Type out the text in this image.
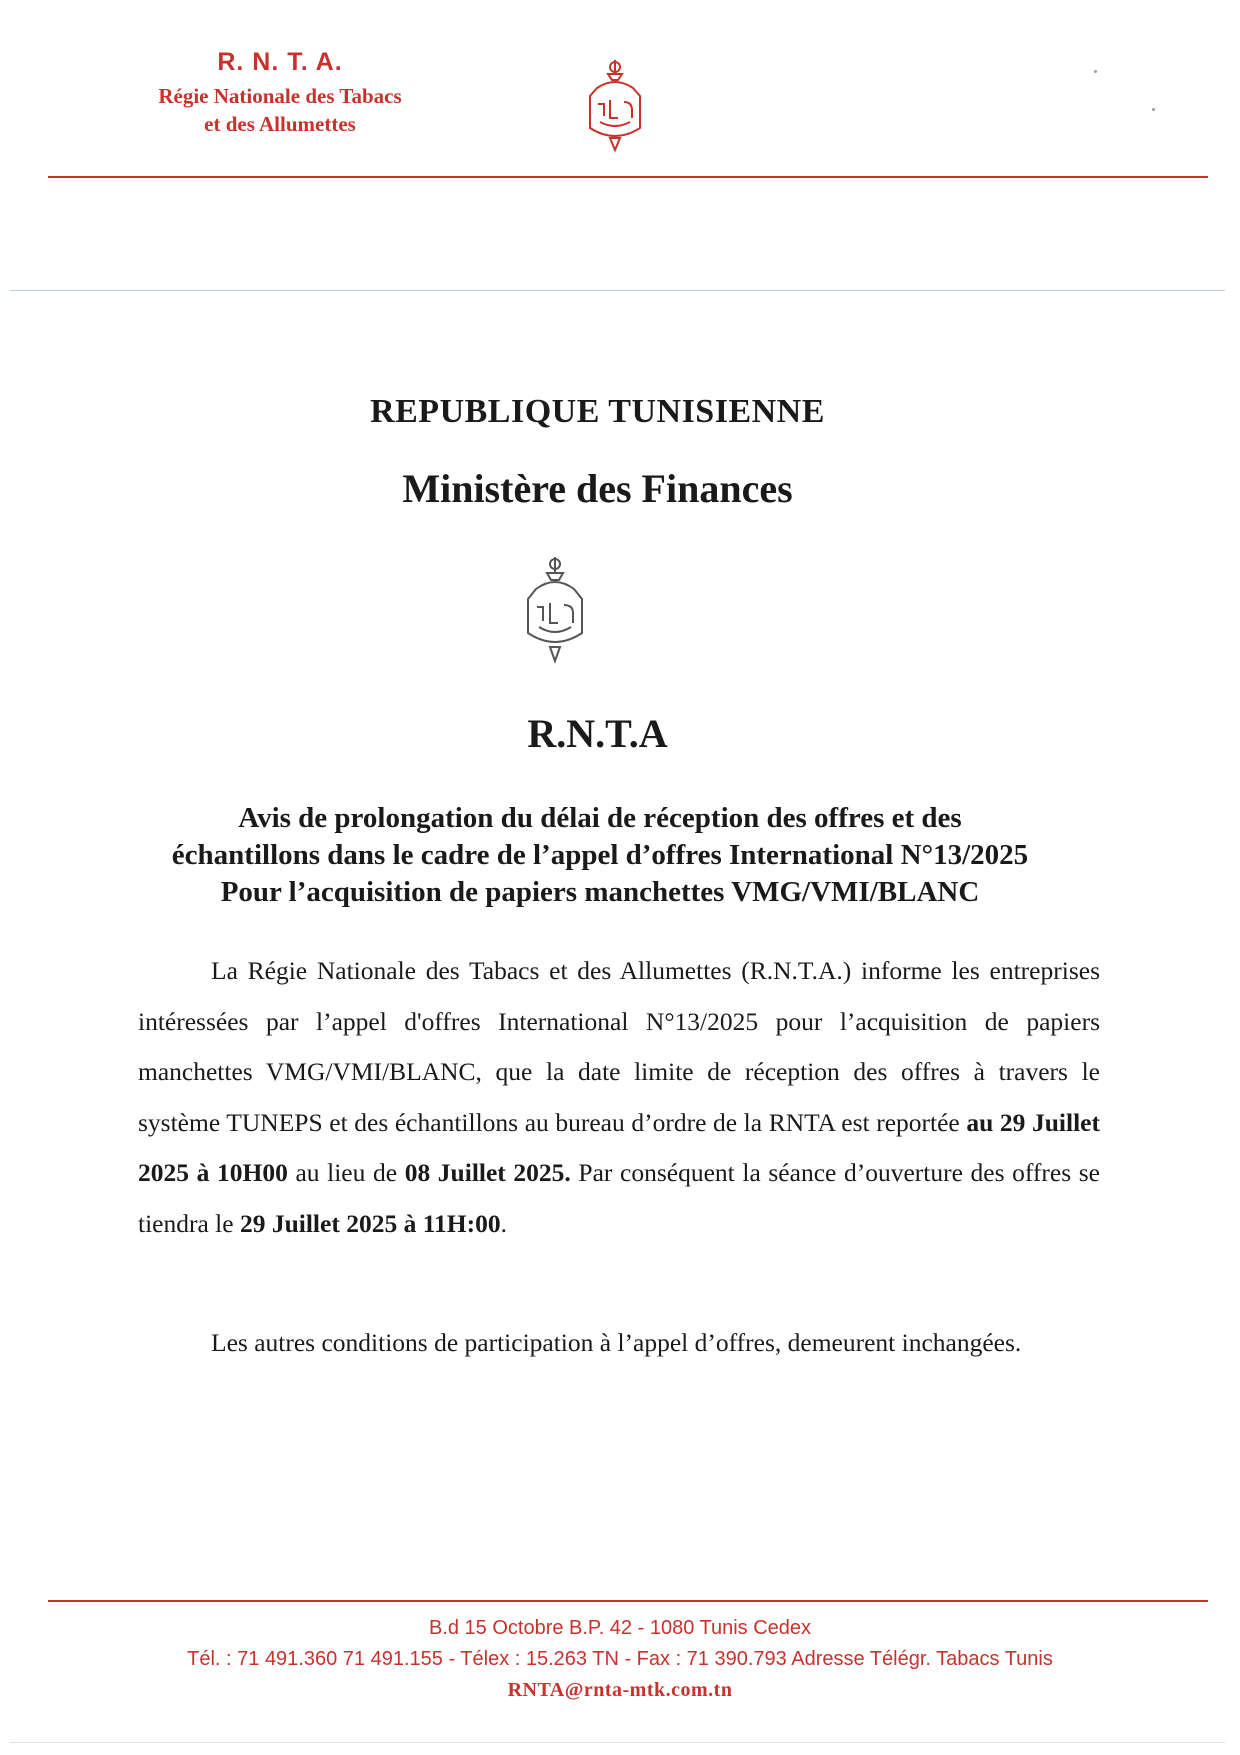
R. N. T. A.
Régie Nationale des Tabacs
et des Allumettes
REPUBLIQUE TUNISIENNE
Ministère des Finances
R.N.T.A
Avis de prolongation du délai de réception des offres et des
échantillons dans le cadre de l’appel d’offres International N°13/2025
Pour l’acquisition de papiers manchettes VMG/VMI/BLANC
La Régie Nationale des Tabacs et des Allumettes (R.N.T.A.) informe les entreprises intéressées par l’appel d'offres International N°13/2025 pour l’acquisition de papiers manchettes VMG/VMI/BLANC, que la date limite de réception des offres à travers le système TUNEPS et des échantillons au bureau d’ordre de la RNTA est reportée au 29 Juillet 2025 à 10H00 au lieu de 08 Juillet 2025. Par conséquent la séance d’ouverture des offres se tiendra le 29 Juillet 2025 à 11H:00.
Les autres conditions de participation à l’appel d’offres, demeurent inchangées.
B.d 15 Octobre B.P. 42 - 1080 Tunis Cedex
Tél. : 71 491.360 71 491.155 - Télex : 15.263 TN - Fax : 71 390.793 Adresse Télégr. Tabacs Tunis
RNTA@rnta-mtk.com.tn
